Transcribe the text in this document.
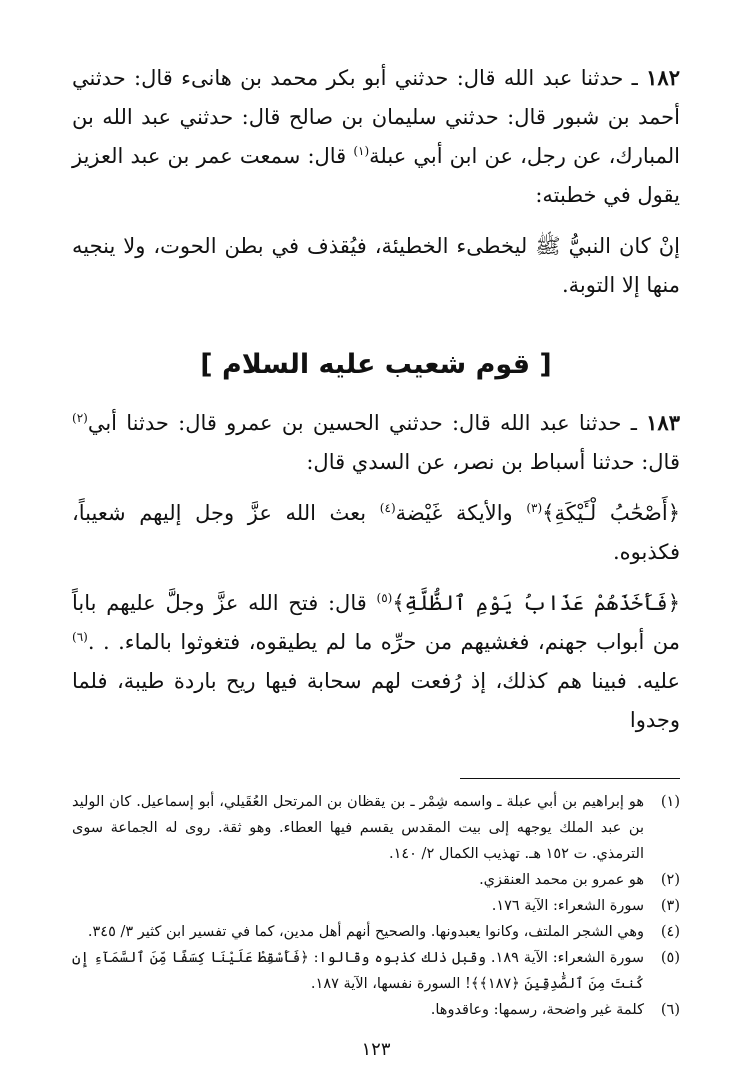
١٨٢ ـ حدثنا عبد الله قال: حدثني أبو بكر محمد بن هانىء قال: حدثني أحمد بن شبور قال: حدثني سليمان بن صالح قال: حدثني عبد الله بن المبارك، عن رجل، عن ابن أبي عبلة$^{(١)}$ قال: سمعت عمر بن عبد العزيز يقول في خطبته:

إنْ كان النبيُّ ﷺ ليخطىء الخطيئة، فيُقذف في بطن الحوت، ولا ينجيه منها إلا التوبة.

[ قوم شعيب عليه السلام ]

١٨٣ ـ حدثنا عبد الله قال: حدثني الحسين بن عمرو قال: حدثنا أبي$^{(٢)}$ قال: حدثنا أسباط بن نصر، عن السدي قال:

﴿أَصْحَٰبُ لْـَٔيْكَةِ﴾$^{(٣)}$ والأيكة غَيْضة$^{(٤)}$ بعث الله عزَّ وجل إليهم شعيباً، فكذبوه.

﴿فَأَخَذَهُمْ عَذَابُ يَوْمِ ٱلظُّلَّةِ﴾$^{(٥)}$ قال: فتح الله عزَّ وجلَّ عليهم باباً من أبواب جهنم، فغشيهم من حرِّه ما لم يطيقوه، فتغوثوا بالماء. . .$^{(٦)}$ عليه. فبينا هم كذلك، إذ رُفعت لهم سحابة فيها ريح باردة طيبة، فلما وجدوا

(١)
هو إبراهيم بن أبي عبلة ـ واسمه شِمْر ـ بن يقظان بن المرتحل العُقَيلي، أبو إسماعيل. كان الوليد بن عبد الملك يوجهه إلى بيت المقدس يقسم فيها العطاء. وهو ثقة. روى له الجماعة سوى الترمذي. ت ١٥٢ هـ. تهذيب الكمال ٢/ ١٤٠.
(٢)
هو عمرو بن محمد العنقزي.
(٣)
سورة الشعراء: الآية ١٧٦.
(٤)
وهي الشجر الملتف، وكانوا يعبدونها. والصحيح أنهم أهل مدين، كما في تفسير ابن كثير ٣/ ٣٤٥.
(٥)
سورة الشعراء: الآية ١٨٩. وقبل ذلك كذبوه وقالوا: ﴿فَأَسْقِطْ عَلَيْنَا كِسَفًا مِّنَ ٱلسَّمَآءِ إِن كُنتَ مِنَ ٱلصَّٰدِقِينَ ﴿١٨٧﴾﴾! السورة نفسها، الآية ١٨٧.
(٦)
كلمة غير واضحة، رسمها: وعاقدوها.
١٢٣
